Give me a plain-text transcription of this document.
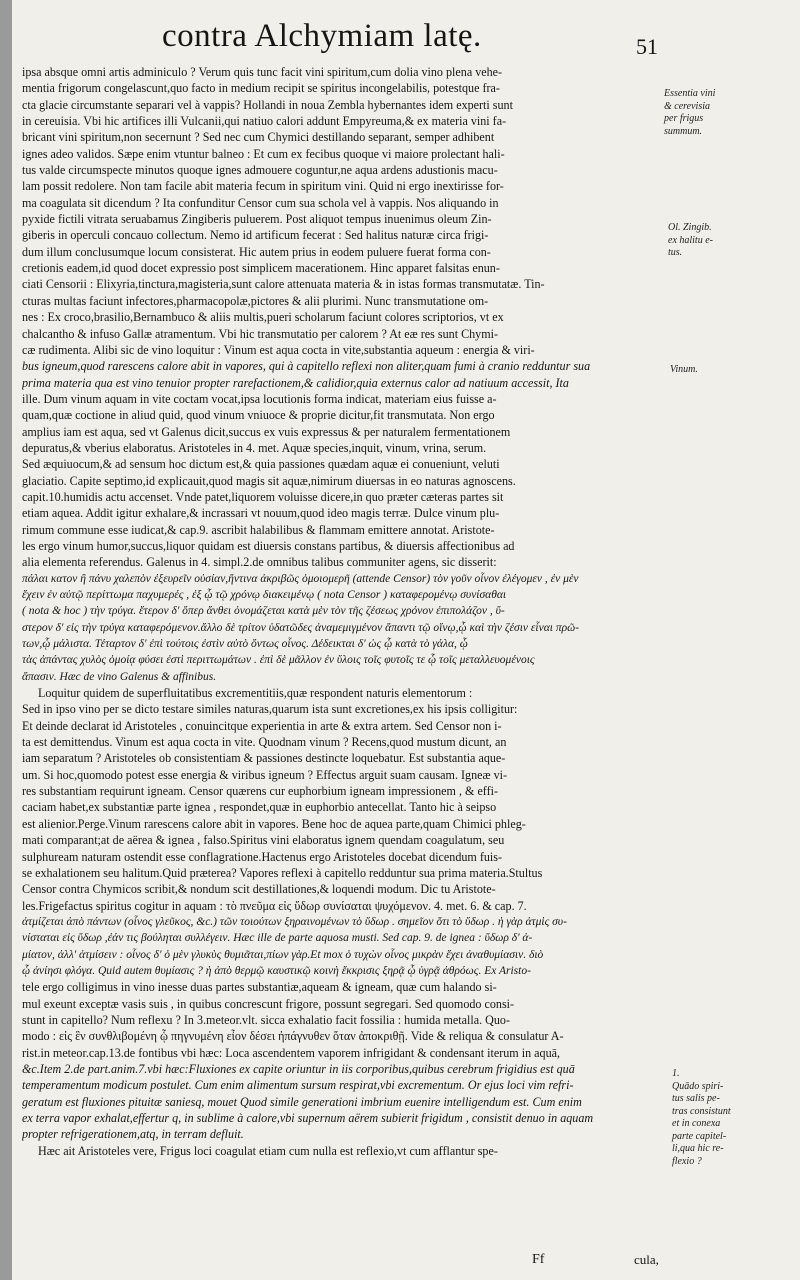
contra Alchymiam latę.	51
ipsa absque omni artis adminiculo ? Verum quis tunc facit vini spiritum,cum dolia vino plena vehe-
mentia frigorum congelascunt,quo facto in medium recipit se spiritus incongelabilis, potestque fra-
cta glacie circumstante separari vel à vappis? Hollandi in noua Zembla hybernantes idem experti sunt
in cereuisia. Vbi hic artifices illi Vulcanii,qui natiuo calori addunt Empyreuma,& ex materia vini fa-
bricant vini spiritum,non secernunt ? Sed nec cum Chymici destillando separant, semper adhibent
ignes adeo validos. Sæpe enim vtuntur balneo : Et cum ex fecibus quoque vi maiore prolectant hali-
tus valde circumspecte minutos quoque ignes admouere coguntur,ne aqua ardens adustionis macu-
lam possit redolere. Non tam facile abit materia fecum in spiritum vini. Quid ni ergo inextirisse for-
ma coagulata sit dicendum ? Ita confunditur Censor cum sua schola vel à vappis. Nos aliquando in
pyxide fictili vitrata seruabamus Zingiberis puluerem. Post aliquot tempus inuenimus oleum Zin-
giberis in operculi concauo collectum. Nemo id artificum fecerat : Sed halitus naturæ circa frigi-
dum illum conclusumque locum consisterat. Hic autem prius in eodem puluere fuerat forma con-
cretionis eadem,id quod docet expressio post simplicem macerationem. Hinc apparet falsitas enun-
ciati Censorii : Elixyria,tinctura,magisteria,sunt calore attenuata materia & in istas formas transmutatæ. Tin-
cturas multas faciunt infectores,pharmacopolæ,pictores & alii plurimi. Nunc transmutatione om-
nes : Ex croco,brasilio,Bernambuco & aliis multis,pueri scholarum faciunt colores scriptorios, vt ex
chalcantho & infuso Gallæ atramentum. Vbi hic transmutatio per calorem ? At eæ res sunt Chymi-
cæ rudimenta. Alibi sic de vino loquitur : Vinum est aqua cocta in vite,substantia aqueum : energia & viri-
bus igneum,quod rarescens calore abit in vapores, qui à capitello reflexi non aliter,quam fumi à cranio redduntur sua
prima materia qua est vino tenuior propter rarefactionem,& calidior,quia externus calor ad natiuum accessit, Ita
ille. Dum vinum aquam in vite coctam vocat,ipsa locutionis forma indicat, materiam eius fuisse a-
quam,quæ coctione in aliud quid, quod vinum vniuoce & proprie dicitur,fit transmutata. Non ergo
amplius iam est aqua, sed vt Galenus dicit,succus ex vuis expressus & per naturalem fermentationem
depuratus,& vberius elaboratus. Aristoteles in 4. met. Aquæ species,inquit, vinum, vrina, serum.
Sed æquiuocum,& ad sensum hoc dictum est,& quia passiones quædam aquæ ei conueniunt, veluti
glaciatio. Capite septimo,id explicauit,quod magis sit aquæ,nimirum diuersas in eo naturas agnoscens.
capit.10.humidis actu accenset. Vnde patet,liquorem voluisse dicere,in quo præter cæteras partes sit
etiam aquea. Addit igitur exhalare,& incrassari vt nouum,quod ideo magis terræ. Dulce vinum plu-
rimum commune esse iudicat,& cap.9. ascribit halabilibus & flammam emittere annotat. Aristote-
les ergo vinum humor,succus,liquor quidam est diuersis constans partibus, & diuersis affectionibus ad
alia elementa referendus. Galenus in 4. simpl.2.de omnibus talibus communiter agens, sic disserit:
πάλαι κατον ἢ πάνυ χαλεπὸν ἐξευρεῖν οὐσίαν,ἥντινα ἀκριβῶς ὁμοιομερῆ (attende Censor) τὸν γοῦν οἶνον ἐλέγομεν , ἐν μὲν
ἔχειν ἐν αὐτῷ περίττωμα παχυμερές , ἐξ ᾧ τῷ χρόνῳ διακειμένῳ ( nota Censor ) καταφερομένῳ συνίσαθαι
( nota & hoc ) τὴν τρύγα. ἕτερον δ' ὅπερ ἄνθει ὀνομάζεται κατὰ μὲν τὸν τῆς ζέσεως χρόνον ἐπιπολάζον , ὕ-
στερον δ' εἰς τὴν τρύγα καταφερόμενον.ἄλλο δὲ τρίτον ὑδατῶδες ἀναμεμιγμένον ἅπαντι τῷ οἴνῳ,ᾧ καὶ τὴν ζέσιν εἶναι πρῶ-
των,ᾧ μάλιστα. Τέταρτον δ' ἐπὶ τούτοις ἐστὶν αὐτὸ ὄντως οἶνος. Δέδεικται δ' ὡς ᾧ κατὰ τὸ γάλα, ᾧ
τὰς ἁπάντας χυλὸς ὁμοίᾳ φύσει ἐστὶ περιττωμάτων . ἐπὶ δὲ μᾶλλον ἐν ὕλοις τοῖς φυτοῖς τε ᾧ τοῖς μεταλλευομένοις
ἅπασιν. Hæc de vino Galenus & affinibus.
Loquitur quidem de superfluitatibus excrementitiis,quæ respondent naturis elementorum :
Sed in ipso vino per se dicto testare similes naturas,quarum ista sunt excretiones,ex his ipsis colligitur:
Et deinde declarat id Aristoteles , conuincitque experientia in arte & extra artem. Sed Censor non i-
ta est demittendus. Vinum est aqua cocta in vite. Quodnam vinum ? Recens,quod mustum dicunt, an
iam separatum ? Aristoteles ob consistentiam & passiones destincte loquebatur. Est substantia aque-
um. Si hoc,quomodo potest esse energia & viribus igneum ? Effectus arguit suam causam. Igneæ vi-
res substantiam requirunt igneam. Censor quærens cur euphorbium igneam impressionem , & effi-
caciam habet,ex substantiæ parte ignea , respondet,quæ in euphorbio antecellat. Tanto hic à seipso
est alienior.Perge.Vinum rarescens calore abit in vapores. Bene hoc de aquea parte,quam Chimici phleg-
mati comparant;at de aërea & ignea , falso.Spiritus vini elaboratus ignem quendam coagulatum, seu
sulphuream naturam ostendit esse conflagratione.Hactenus ergo Aristoteles docebat dicendum fuis-
se exhalationem seu halitum.Quid præterea? Vapores reflexi à capitello redduntur sua prima materia.Stultus
Censor contra Chymicos scribit,& nondum scit destillationes,& loquendi modum. Dic tu Aristote-
les.Frigefactus spiritus cogitur in aquam : τὸ πνεῦμα εἰς ὕδωρ συνίσαται ψυχόμενον. 4. met. 6. & cap. 7.
ἀτμίζεται ἀπὸ πάντων (οἶνος γλεῦκος, &c.) τῶν τοιούτων ξηραινομένων τὸ ὕδωρ . σημεῖον ὅτι τὸ ὕδωρ . ἡ γὰρ ἀτμὶς συ-
νίσταται εἰς ὕδωρ ,ἐάν τις βούληται συλλέγειν. Hæc ille de parte aquosa musti. Sed cap. 9. de ignea : ὕδωρ δ' ἀ-
μίατον, ἀλλ' ἀτμίσειν : οἶνος δ' ὁ μὲν γλυκὺς θυμιᾶται,πίων γὰρ.Et mox ὁ τυχὼν οἶνος μικρὰν ἔχει ἀναθυμίασιν. διὸ
ᾧ ἀνίησι φλόγα. Quid autem θυμίασις ? ἡ ἀπὸ θερμῷ καυστικῷ κοινὴ ἔκκρισις ξηρᾷ ᾧ ὑγρᾷ ἀθρόως. Ex Aristo-
tele ergo colligimus in vino inesse duas partes substantiæ,aqueam & igneam, quæ cum halando si-
mul exeunt exceptæ vasis suis , in quibus concrescunt frigore, possunt segregari. Sed quomodo consi-
stunt in capitello? Num reflexu ? In 3.meteor.vlt. sicca exhalatio facit fossilia : humida metalla. Quo-
modo : εἰς ἓν συνθλιβομένη ᾧ πηγνυμένη εἶον δέσει ἠπάγνυθεν ὅταν ἀποκριθῇ. Vide & reliqua & consulatur A-
rist.in meteor.cap.13.de fontibus vbi hæc: Loca ascendentem vaporem infrigidant & condensant iterum in aquā,
&c.Item 2.de part.anim.7.vbi hæc:Fluxiones ex capite oriuntur in iis corporibus,quibus cerebrum frigidius est quā
temperamentum modicum postulet. Cum enim alimentum sursum respirat,vbi excrementum. Or ejus loci vim refri-
geratum est fluxiones pituitæ saniesq, mouet Quod simile generationi imbrium euenire intelligendum est. Cum enim
ex terra vapor exhalat,effertur q, in sublime à calore,vbi supernum aërem subierit frigidum , consistit denuo in aquam
propter refrigerationem,atq, in terram defluit.
Hæc ait Aristoteles vere, Frigus loci coagulat etiam cum nulla est reflexio,vt cum afflantur spe-
Essentia vini
& cerevisia
per frigus
summum.
Ol. Zingib.
ex halitu e-
tus.
Vinum.
1.
Quādo spiri-
tus salis pe-
tras consistunt
et in conexa
parte capitel-
li,qua hic re-
flexio ?
Ff	cula,
